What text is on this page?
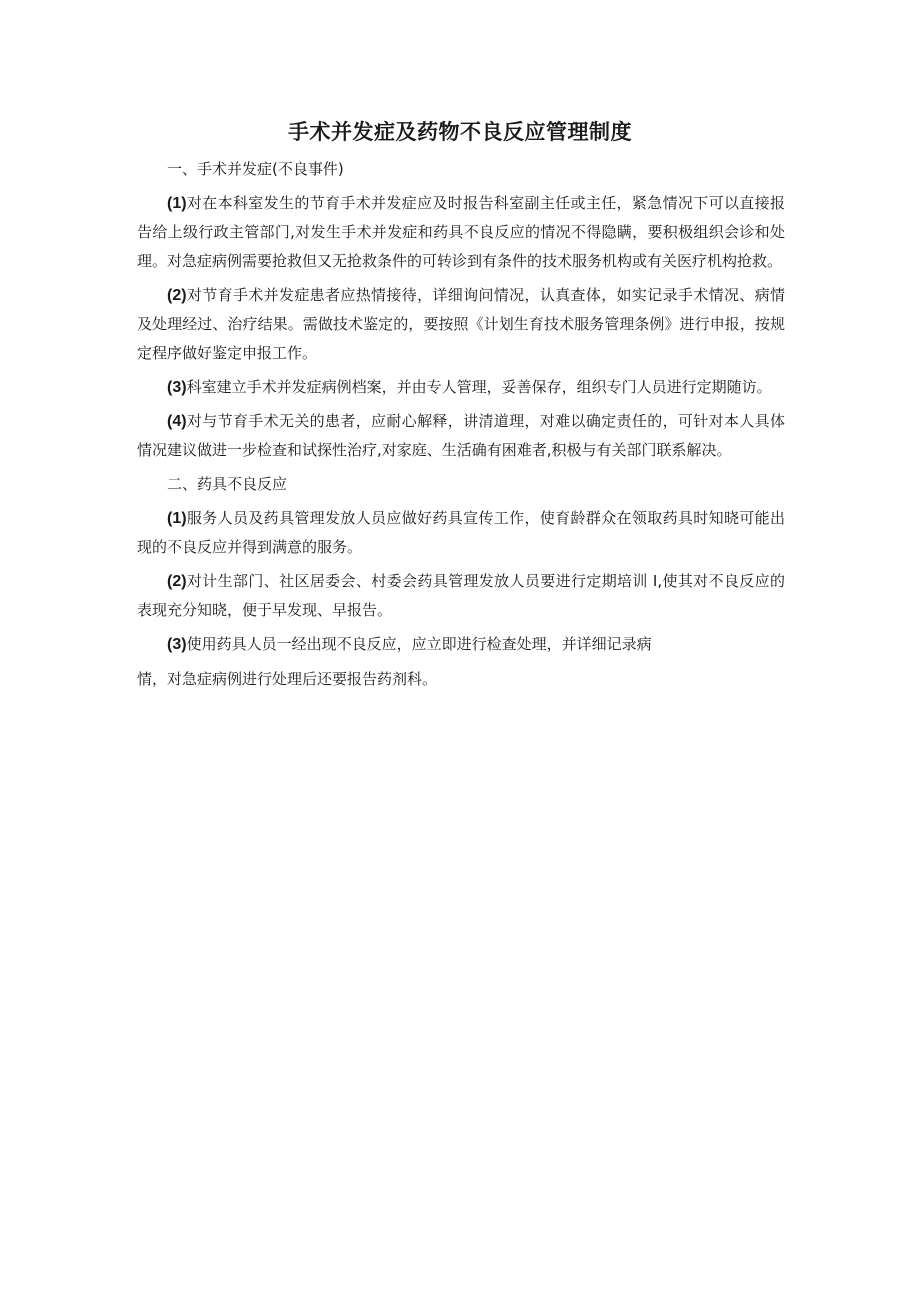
手术并发症及药物不良反应管理制度

一、手术并发症(不良事件)

(1)对在本科室发生的节育手术并发症应及时报告科室副主任或主任，紧急情况下可以直接报告给上级行政主管部门,对发生手术并发症和药具不良反应的情况不得隐瞒，要积极组织会诊和处理。对急症病例需要抢救但又无抢救条件的可转诊到有条件的技术服务机构或有关医疗机构抢救。

(2)对节育手术并发症患者应热情接待，详细询问情况，认真查体，如实记录手术情况、病情及处理经过、治疗结果。需做技术鉴定的，要按照《计划生育技术服务管理条例》进行申报，按规定程序做好鉴定申报工作。

(3)科室建立手术并发症病例档案，并由专人管理，妥善保存，组织专门人员进行定期随访。

(4)对与节育手术无关的患者，应耐心解释，讲清道理，对难以确定责任的，可针对本人具体情况建议做进一步检查和试探性治疗,对家庭、生活确有困难者,积极与有关部门联系解决。

二、药具不良反应

(1)服务人员及药具管理发放人员应做好药具宣传工作，使育龄群众在领取药具时知晓可能出现的不良反应并得到满意的服务。

(2)对计生部门、社区居委会、村委会药具管理发放人员要进行定期培训 I,使其对不良反应的表现充分知晓，便于早发现、早报告。

(3)使用药具人员一经出现不良反应，应立即进行检查处理，并详细记录病

情，对急症病例进行处理后还要报告药剂科。
